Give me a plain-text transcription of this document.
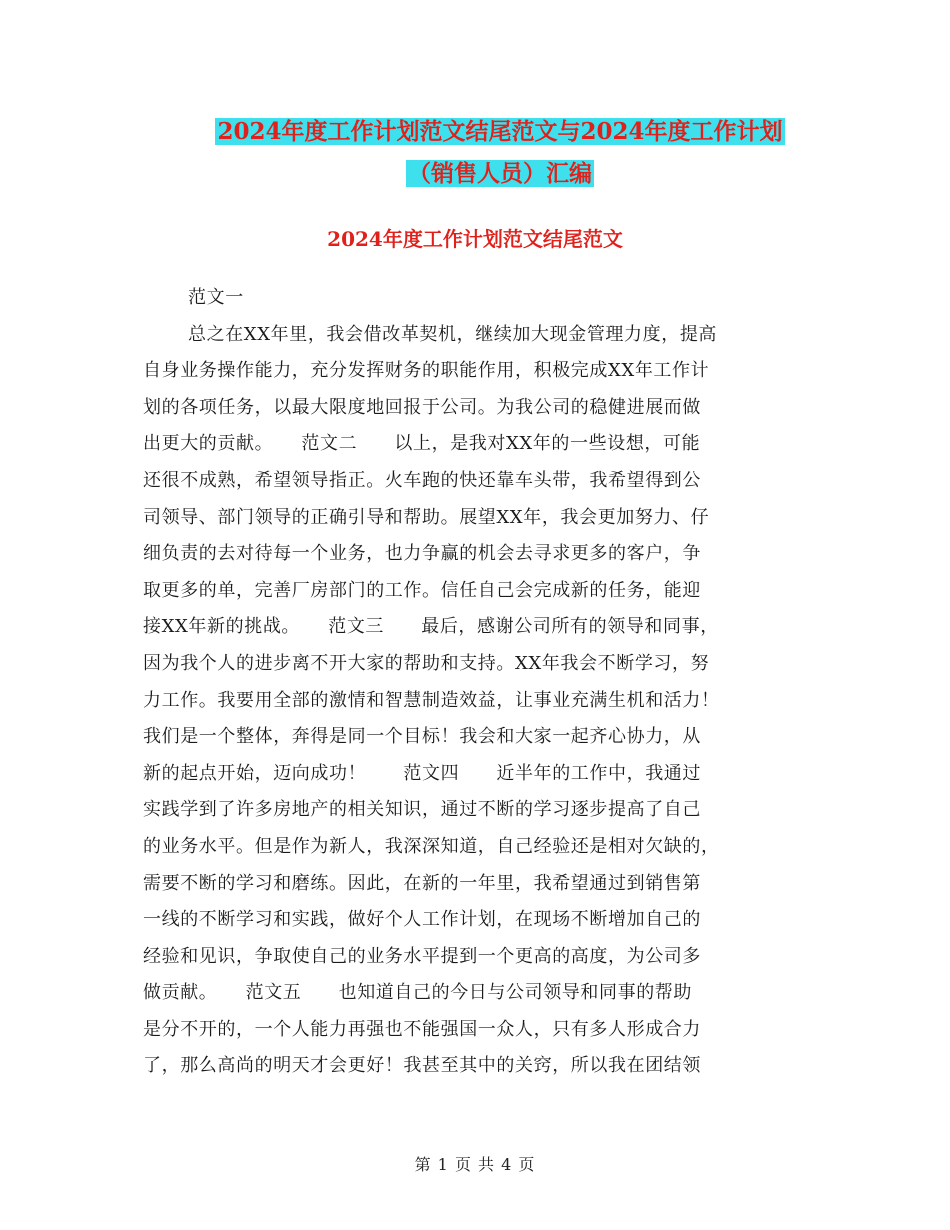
2024年度工作计划范文结尾范文与2024年度工作计划

（销售人员）汇编

2024年度工作计划范文结尾范文

范文一
总之在XX年里，我会借改革契机，继续加大现金管理力度，提高
自身业务操作能力，充分发挥财务的职能作用，积极完成XX年工作计
划的各项任务，以最大限度地回报于公司。为我公司的稳健进展而做
出更大的贡献。　　范文二　　以上，是我对XX年的一些设想，可能
还很不成熟，希望领导指正。火车跑的快还靠车头带，我希望得到公
司领导、部门领导的正确引导和帮助。展望XX年，我会更加努力、仔
细负责的去对待每一个业务，也力争赢的机会去寻求更多的客户，争
取更多的单，完善厂房部门的工作。信任自己会完成新的任务，能迎
接XX年新的挑战。　　范文三　　最后，感谢公司所有的领导和同事，
因为我个人的进步离不开大家的帮助和支持。XX年我会不断学习，努
力工作。我要用全部的激情和智慧制造效益，让事业充满生机和活力！
我们是一个整体，奔得是同一个目标！我会和大家一起齐心协力，从
新的起点开始，迈向成功！　　范文四　　近半年的工作中，我通过
实践学到了许多房地产的相关知识，通过不断的学习逐步提高了自己
的业务水平。但是作为新人，我深深知道，自己经验还是相对欠缺的，
需要不断的学习和磨练。因此，在新的一年里，我希望通过到销售第
一线的不断学习和实践，做好个人工作计划，在现场不断增加自己的
经验和见识，争取使自己的业务水平提到一个更高的高度，为公司多
做贡献。　　范文五　　也知道自己的今日与公司领导和同事的帮助
是分不开的，一个人能力再强也不能强国一众人，只有多人形成合力
了，那么高尚的明天才会更好！我甚至其中的关窍，所以我在团结领
第 1 页 共 4 页
